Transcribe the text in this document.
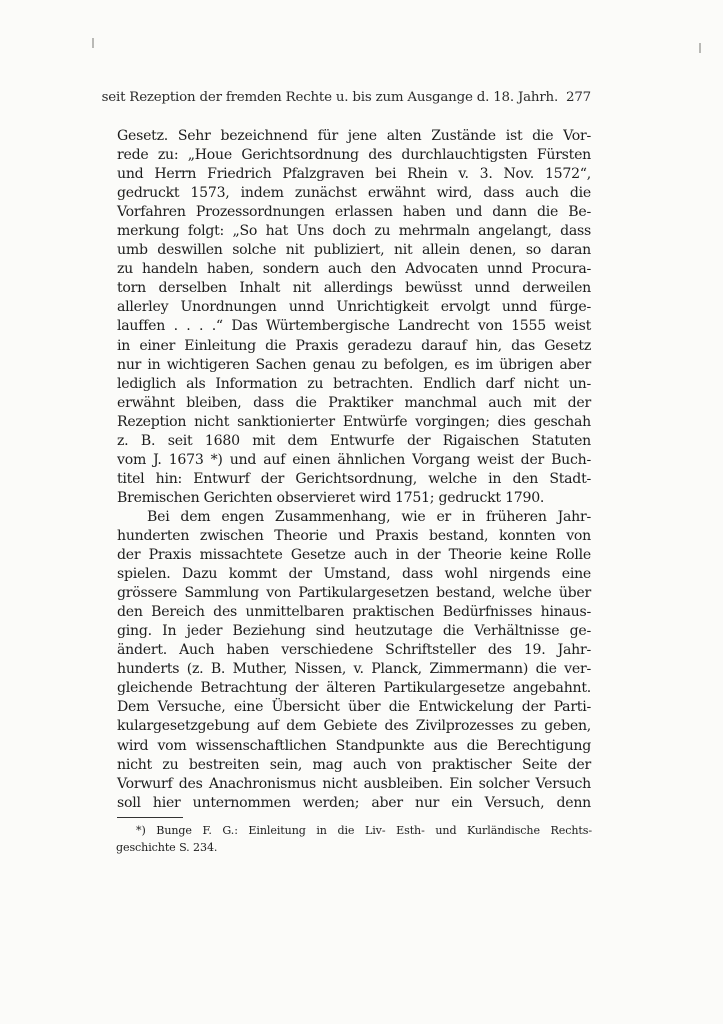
seit Rezeption der fremden Rechte u. bis zum Ausgange d. 18. Jahrh. 277
Gesetz. Sehr bezeichnend für jene alten Zustände ist die Vor-
rede zu: „Houe Gerichtsordnung des durchlauchtigsten Fürsten
und Herrn Friedrich Pfalzgraven bei Rhein v. 3. Nov. 1572“,
gedruckt 1573, indem zunächst erwähnt wird, dass auch die
Vorfahren Prozessordnungen erlassen haben und dann die Be-
merkung folgt: „So hat Uns doch zu mehrmaln angelangt, dass
umb deswillen solche nit publiziert, nit allein denen, so daran
zu handeln haben, sondern auch den Advocaten unnd Procura-
torn derselben Inhalt nit allerdings bewüsst unnd derweilen
allerley Unordnungen unnd Unrichtigkeit ervolgt unnd fürge-
lauffen . . . .“ Das Würtembergische Landrecht von 1555 weist
in einer Einleitung die Praxis geradezu darauf hin, das Gesetz
nur in wichtigeren Sachen genau zu befolgen, es im übrigen aber
lediglich als Information zu betrachten. Endlich darf nicht un-
erwähnt bleiben, dass die Praktiker manchmal auch mit der
Rezeption nicht sanktionierter Entwürfe vorgingen; dies geschah
z. B. seit 1680 mit dem Entwurfe der Rigaischen Statuten
vom J. 1673 *) und auf einen ähnlichen Vorgang weist der Buch-
titel hin: Entwurf der Gerichtsordnung, welche in den Stadt-
Bremischen Gerichten observieret wird 1751; gedruckt 1790.
Bei dem engen Zusammenhang, wie er in früheren Jahr-
hunderten zwischen Theorie und Praxis bestand, konnten von
der Praxis missachtete Gesetze auch in der Theorie keine Rolle
spielen. Dazu kommt der Umstand, dass wohl nirgends eine
grössere Sammlung von Partikulargesetzen bestand, welche über
den Bereich des unmittelbaren praktischen Bedürfnisses hinaus-
ging. In jeder Beziehung sind heutzutage die Verhältnisse ge-
ändert. Auch haben verschiedene Schriftsteller des 19. Jahr-
hunderts (z. B. Muther, Nissen, v. Planck, Zimmermann) die ver-
gleichende Betrachtung der älteren Partikulargesetze angebahnt.
Dem Versuche, eine Übersicht über die Entwickelung der Parti-
kulargesetzgebung auf dem Gebiete des Zivilprozesses zu geben,
wird vom wissenschaftlichen Standpunkte aus die Berechtigung
nicht zu bestreiten sein, mag auch von praktischer Seite der
Vorwurf des Anachronismus nicht ausbleiben. Ein solcher Versuch
soll hier unternommen werden; aber nur ein Versuch, denn
*) Bunge F. G.: Einleitung in die Liv- Esth- und Kurländische Rechts-
geschichte S. 234.
